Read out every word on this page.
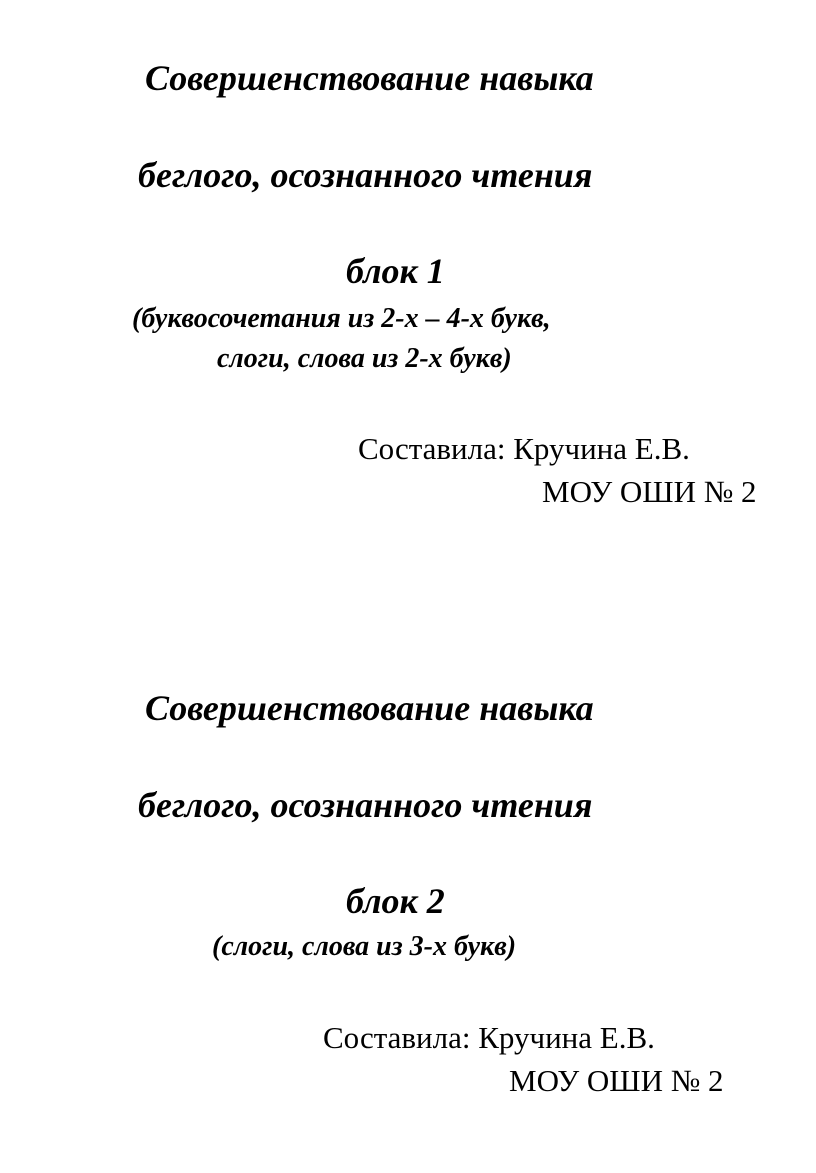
Совершенствование навыка
беглого, осознанного чтения
блок 1
(буквосочетания из 2-х – 4-х букв,
слоги, слова из 2-х букв)
Составила: Кручина Е.В.
МОУ ОШИ № 2
Совершенствование навыка
беглого, осознанного чтения
блок 2
(слоги, слова из 3-х букв)
Составила: Кручина Е.В.
МОУ ОШИ № 2
